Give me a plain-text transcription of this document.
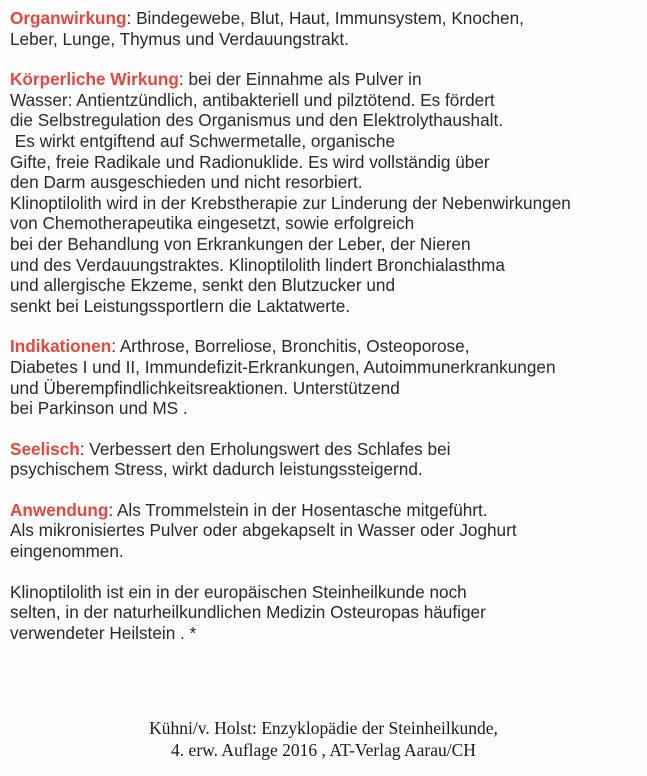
Organwirkung: Bindegewebe, Blut, Haut, Immunsystem, Knochen,
Leber, Lunge, Thymus und Verdauungstrakt.
Körperliche Wirkung: bei der Einnahme als Pulver in
Wasser: Antientzündlich, antibakteriell und pilztötend. Es fördert
die Selbstregulation des Organismus und den Elektrolythaushalt.
Es wirkt entgiftend auf Schwermetalle, organische
Gifte, freie Radikale und Radionuklide. Es wird vollständig über
den Darm ausgeschieden und nicht resorbiert.
Klinoptilolith wird in der Krebstherapie zur Linderung der Nebenwirkungen
von Chemotherapeutika eingesetzt, sowie erfolgreich
bei der Behandlung von Erkrankungen der Leber, der Nieren
und des Verdauungstraktes. Klinoptilolith lindert Bronchialasthma
und allergische Ekzeme, senkt den Blutzucker und
senkt bei Leistungssportlern die Laktatwerte.
Indikationen: Arthrose, Borreliose, Bronchitis, Osteoporose,
Diabetes I und II, Immundefizit-Erkrankungen, Autoimmunerkrankungen
und Überempfindlichkeitsreaktionen. Unterstützend
bei Parkinson und MS .
Seelisch: Verbessert den Erholungswert des Schlafes bei
psychischem Stress, wirkt dadurch leistungssteigernd.
Anwendung: Als Trommelstein in der Hosentasche mitgeführt.
Als mikronisiertes Pulver oder abgekapselt in Wasser oder Joghurt
eingenommen.
Klinoptilolith ist ein in der europäischen Steinheilkunde noch
selten, in der naturheilkundlichen Medizin Osteuropas häufiger
verwendeter Heilstein . *
Kühni/v. Holst: Enzyklopädie der Steinheilkunde,
4. erw. Auflage 2016 , AT-Verlag Aarau/CH
